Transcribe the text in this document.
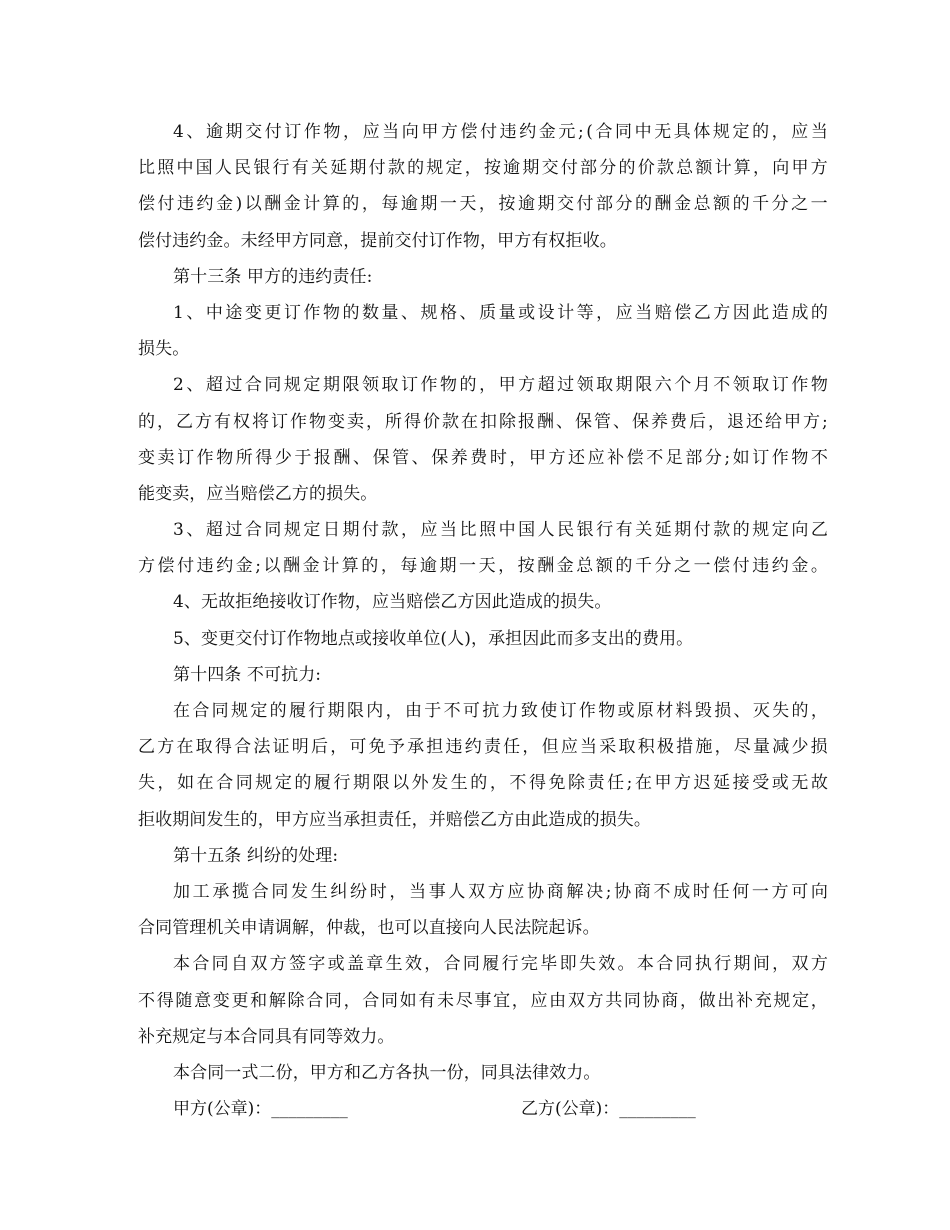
4 、 逾 期 交 付 订 作 物 ， 应 当 向 甲 方 偿 付 违 约 金 元 ; ( 合 同 中 无 具 体 规 定 的 ， 应 当
比 照 中 国 人 民 银 行 有 关 延 期 付 款 的 规 定 ， 按 逾 期 交 付 部 分 的 价 款 总 额 计 算 ， 向 甲 方
偿 付 违 约 金 ) 以 酬 金 计 算 的 ， 每 逾 期 一 天 ， 按 逾 期 交 付 部 分 的 酬 金 总 额 的 千 分 之 一
偿付违约金。未经甲方同意，提前交付订作物，甲方有权拒收。
第十三条 甲方的违约责任:
1 、 中 途 变 更 订 作 物 的 数 量 、 规 格 、 质 量 或 设 计 等 ， 应 当 赔 偿 乙 方 因 此 造 成 的
损失。
2 、 超 过 合 同 规 定 期 限 领 取 订 作 物 的 ， 甲 方 超 过 领 取 期 限 六 个 月 不 领 取 订 作 物
的 ， 乙 方 有 权 将 订 作 物 变 卖 ， 所 得 价 款 在 扣 除 报 酬 、 保 管 、 保 养 费 后 ， 退 还 给 甲 方 ;
变 卖 订 作 物 所 得 少 于 报 酬 、 保 管 、 保 养 费 时 ， 甲 方 还 应 补 偿 不 足 部 分 ; 如 订 作 物 不
能变卖，应当赔偿乙方的损失。
3 、 超 过 合 同 规 定 日 期 付 款 ， 应 当 比 照 中 国 人 民 银 行 有 关 延 期 付 款 的 规 定 向 乙
方 偿 付 违 约 金 ; 以 酬 金 计 算 的 ， 每 逾 期 一 天 ， 按 酬 金 总 额 的 千 分 之 一 偿 付 违 约 金 。
4、无故拒绝接收订作物，应当赔偿乙方因此造成的损失。
5、变更交付订作物地点或接收单位(人)，承担因此而多支出的费用。
第十四条 不可抗力:
在 合 同 规 定 的 履 行 期 限 内 ， 由 于 不 可 抗 力 致 使 订 作 物 或 原 材 料 毁 损 、 灭 失 的 ，
乙 方 在 取 得 合 法 证 明 后 ， 可 免 予 承 担 违 约 责 任 ， 但 应 当 采 取 积 极 措 施 ， 尽 量 减 少 损
失 ， 如 在 合 同 规 定 的 履 行 期 限 以 外 发 生 的 ， 不 得 免 除 责 任 ; 在 甲 方 迟 延 接 受 或 无 故
拒收期间发生的，甲方应当承担责任，并赔偿乙方由此造成的损失。
第十五条 纠纷的处理:
加 工 承 揽 合 同 发 生 纠 纷 时 ， 当 事 人 双 方 应 协 商 解 决 ; 协 商 不 成 时 任 何 一 方 可 向
合同管理机关申请调解，仲裁，也可以直接向人民法院起诉。
本 合 同 自 双 方 签 字 或 盖 章 生 效 ， 合 同 履 行 完 毕 即 失 效 。 本 合 同 执 行 期 间 ， 双 方
不 得 随 意 变 更 和 解 除 合 同 ， 合 同 如 有 未 尽 事 宜 ， 应 由 双 方 共 同 协 商 ， 做 出 补 充 规 定 ，
补充规定与本合同具有同等效力。
本合同一式二份，甲方和乙方各执一份，同具法律效力。
甲方(公章)：_________	乙方(公章)：_________
